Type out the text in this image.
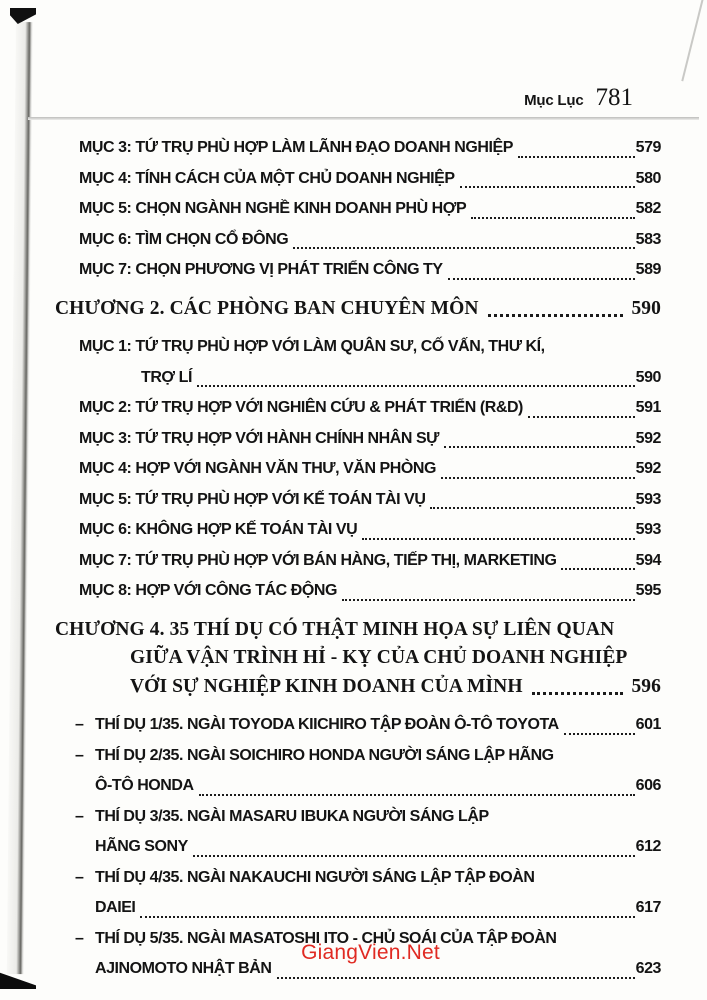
Mục Lục 781
MỤC 3: TỨ TRỤ PHÙ HỢP LÀM LÃNH ĐẠO DOANH NGHIỆP	579
MỤC 4: TÍNH CÁCH CỦA MỘT CHỦ DOANH NGHIỆP	580
MỤC 5: CHỌN NGÀNH NGHỀ KINH DOANH PHÙ HỢP	582
MỤC 6: TÌM CHỌN CỔ ĐÔNG	583
MỤC 7: CHỌN PHƯƠNG VỊ PHÁT TRIỂN CÔNG TY	589
CHƯƠNG 2. CÁC PHÒNG BAN CHUYÊN MÔN	590
MỤC 1: TỨ TRỤ PHÙ HỢP VỚI LÀM QUÂN SƯ, CỐ VẤN, THƯ KÍ,
TRỢ LÍ	590
MỤC 2: TỨ TRỤ HỢP VỚI NGHIÊN CỨU & PHÁT TRIỂN (R&D)	591
MỤC 3: TỨ TRỤ HỢP VỚI HÀNH CHÍNH NHÂN SỰ	592
MỤC 4: HỢP VỚI NGÀNH VĂN THƯ, VĂN PHÒNG	592
MỤC 5: TỨ TRỤ PHÙ HỢP VỚI KẾ TOÁN TÀI VỤ	593
MỤC 6: KHÔNG HỢP KẾ TOÁN TÀI VỤ	593
MỤC 7: TỨ TRỤ PHÙ HỢP VỚI BÁN HÀNG, TIẾP THỊ, MARKETING	594
MỤC 8: HỢP VỚI CÔNG TÁC ĐỘNG	595
CHƯƠNG 4. 35 THÍ DỤ CÓ THẬT MINH HỌA SỰ LIÊN QUAN
GIỮA VẬN TRÌNH HỈ - KỴ CỦA CHỦ DOANH NGHIỆP
VỚI SỰ NGHIỆP KINH DOANH CỦA MÌNH	596
– THÍ DỤ 1/35. NGÀI TOYODA KIICHIRO TẬP ĐOÀN Ô-TÔ TOYOTA	601
– THÍ DỤ 2/35. NGÀI SOICHIRO HONDA NGƯỜI SÁNG LẬP HÃNG
Ô-TÔ HONDA	606
– THÍ DỤ 3/35. NGÀI MASARU IBUKA NGƯỜI SÁNG LẬP
HÃNG SONY	612
– THÍ DỤ 4/35. NGÀI NAKAUCHI NGƯỜI SÁNG LẬP TẬP ĐOÀN
DAIEI	617
– THÍ DỤ 5/35. NGÀI MASATOSHI ITO - CHỦ SOÁI CỦA TẬP ĐOÀN
AJINOMOTO NHẬT BẢN	623
GiangVien.Net
